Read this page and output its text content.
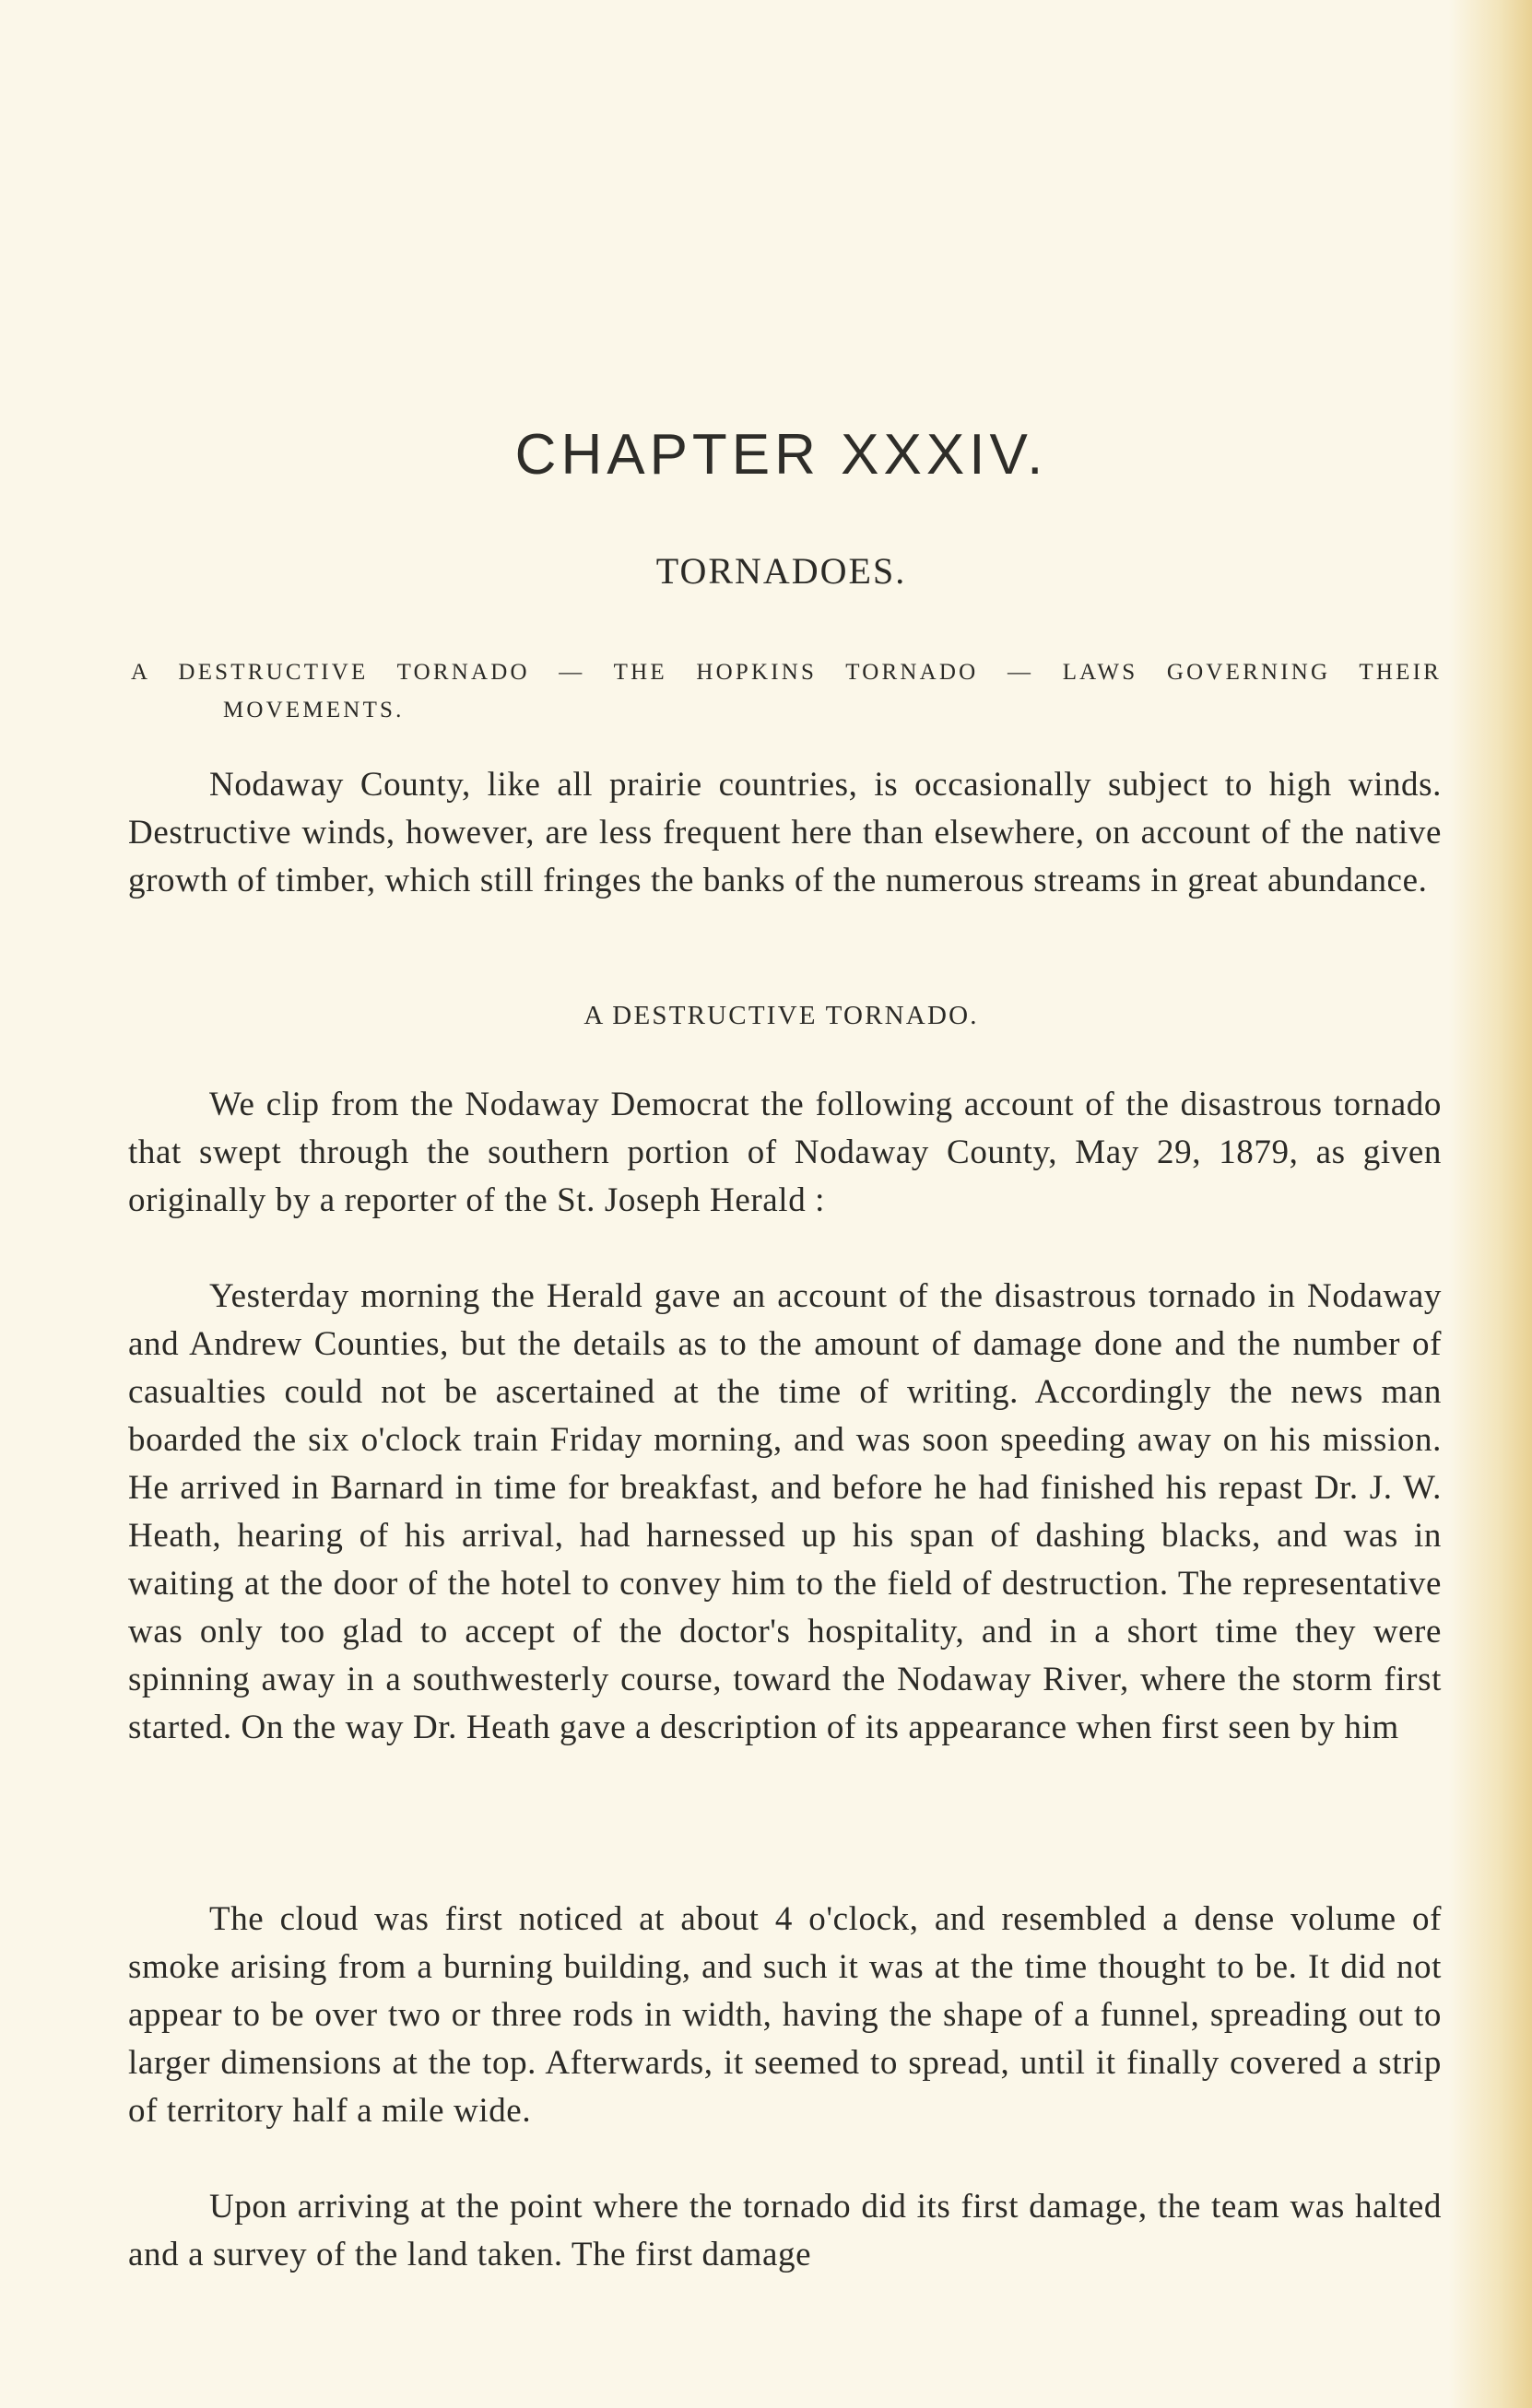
CHAPTER XXXIV.
TORNADOES.

A DESTRUCTIVE TORNADO — THE HOPKINS TORNADO — LAWS GOVERNING THEIR

MOVEMENTS.

Nodaway County, like all prairie countries, is occasionally subject to high winds. Destructive winds, however, are less frequent here than elsewhere, on account of the native growth of timber, which still fringes the banks of the numerous streams in great abundance.

A DESTRUCTIVE TORNADO.

We clip from the Nodaway Democrat the following account of the disastrous tornado that swept through the southern portion of Nodaway County, May 29, 1879, as given originally by a reporter of the St. Joseph Herald :

Yesterday morning the Herald gave an account of the disastrous tornado in Nodaway and Andrew Counties, but the details as to the amount of damage done and the number of casualties could not be ascertained at the time of writing. Accordingly the news man boarded the six o'clock train Friday morning, and was soon speeding away on his mission. He arrived in Barnard in time for breakfast, and before he had finished his repast Dr. J. W. Heath, hearing of his arrival, had harnessed up his span of dashing blacks, and was in waiting at the door of the hotel to convey him to the field of destruction. The representative was only too glad to accept of the doctor's hospitality, and in a short time they were spinning away in a southwesterly course, toward the Nodaway River, where the storm first started. On the way Dr. Heath gave a description of its appearance when first seen by him

The cloud was first noticed at about 4 o'clock, and resembled a dense volume of smoke arising from a burning building, and such it was at the time thought to be. It did not appear to be over two or three rods in width, having the shape of a funnel, spreading out to larger dimensions at the top. Afterwards, it seemed to spread, until it finally covered a strip of territory half a mile wide.

Upon arriving at the point where the tornado did its first damage, the team was halted and a survey of the land taken. The first damage
